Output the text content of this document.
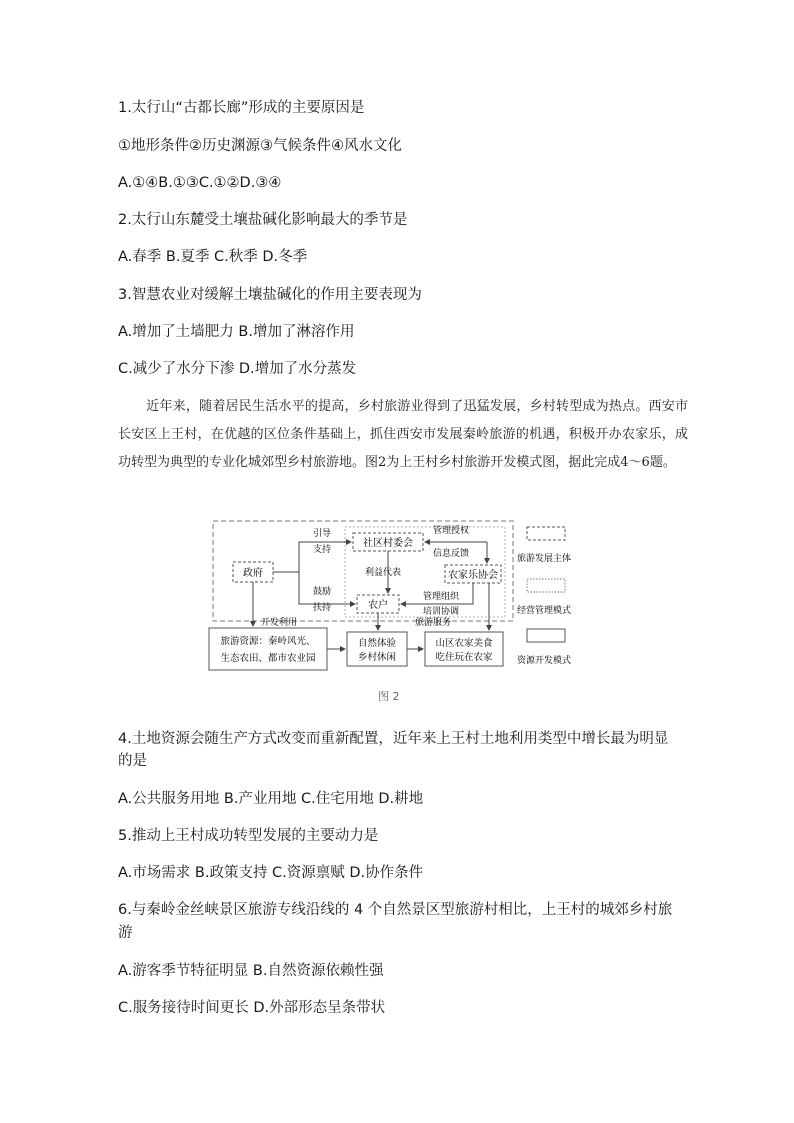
1.太行山“古都长廊”形成的主要原因是
①地形条件②历史渊源③气候条件④风水文化
A.①④B.①③C.①②D.③④
2.太行山东麓受土壤盐碱化影响最大的季节是
A.春季 B.夏季 C.秋季 D.冬季
3.智慧农业对缓解土壤盐碱化的作用主要表现为
A.增加了土墙肥力 B.增加了淋溶作用
C.减少了水分下渗 D.增加了水分蒸发
近年来，随着居民生活水平的提高，乡村旅游业得到了迅猛发展，乡村转型成为热点。西安市长安区上王村，在优越的区位条件基础上，抓住西安市发展秦岭旅游的机遇，积极开办农家乐，成功转型为典型的专业化城郊型乡村旅游地。图2为上王村乡村旅游开发模式图，据此完成4～6题。
政府
社区村委会
农家乐协会
农户
旅游资源：秦岭风光、
生态农田、都市农业园
自然体验
乡村休闲
山区农家美食
吃住玩在农家
引导
支持
鼓励
扶持
管理授权
信息反馈
利益代表
管理组织
培训协调
开发利用	旅游服务
旅游发展主体
经营管理模式
资源开发模式
图 2
4.土地资源会随生产方式改变而重新配置，近年来上王村土地利用类型中增长最为明显
的是
A.公共服务用地 B.产业用地 C.住宅用地 D.耕地
5.推动上王村成功转型发展的主要动力是
A.市场需求 B.政策支持 C.资源禀赋 D.协作条件
6.与秦岭金丝峡景区旅游专线沿线的 4 个自然景区型旅游村相比，上王村的城郊乡村旅
游
A.游客季节特征明显 B.自然资源依赖性强
C.服务接待时间更长 D.外部形态呈条带状
